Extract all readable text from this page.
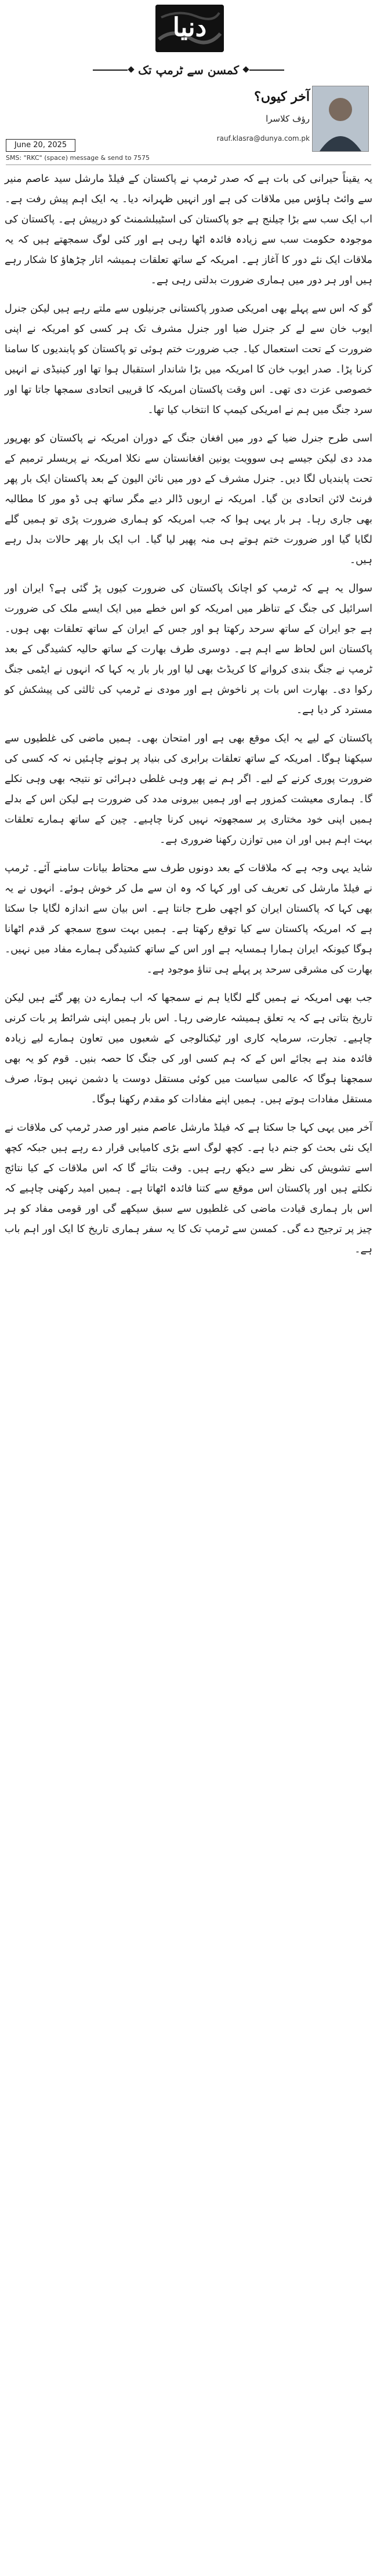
دنیا
کمسن سے ٹرمپ تک
آخر کیوں؟
رؤف کلاسرا
rauf.klasra@dunya.com.pk
June 20, 2025
SMS: "RKC" (space) message & send to 7575

یہ یقیناً حیرانی کی بات ہے کہ صدر ٹرمپ نے پاکستان کے فیلڈ مارشل سید عاصم منیر سے وائٹ ہاؤس میں ملاقات کی ہے اور انہیں ظہرانہ دیا۔ یہ ایک اہم پیش رفت ہے۔ اب ایک سب سے بڑا چیلنج ہے جو پاکستان کی اسٹیبلشمنٹ کو درپیش ہے۔ پاکستان کی موجودہ حکومت سب سے زیادہ فائدہ اٹھا رہی ہے اور کئی لوگ سمجھتے ہیں کہ یہ ملاقات ایک نئے دور کا آغاز ہے۔ امریکہ کے ساتھ تعلقات ہمیشہ اتار چڑھاؤ کا شکار رہے ہیں اور ہر دور میں ہماری ضرورت بدلتی رہی ہے۔

گو کہ اس سے پہلے بھی امریکی صدور پاکستانی جرنیلوں سے ملتے رہے ہیں لیکن جنرل ایوب خان سے لے کر جنرل ضیا اور جنرل مشرف تک ہر کسی کو امریکہ نے اپنی ضرورت کے تحت استعمال کیا۔ جب ضرورت ختم ہوئی تو پاکستان کو پابندیوں کا سامنا کرنا پڑا۔ صدر ایوب خان کا امریکہ میں بڑا شاندار استقبال ہوا تھا اور کینیڈی نے انہیں خصوصی عزت دی تھی۔ اس وقت پاکستان امریکہ کا قریبی اتحادی سمجھا جاتا تھا اور سرد جنگ میں ہم نے امریکی کیمپ کا انتخاب کیا تھا۔

اسی طرح جنرل ضیا کے دور میں افغان جنگ کے دوران امریکہ نے پاکستان کو بھرپور مدد دی لیکن جیسے ہی سوویت یونین افغانستان سے نکلا امریکہ نے پریسلر ترمیم کے تحت پابندیاں لگا دیں۔ جنرل مشرف کے دور میں نائن الیون کے بعد پاکستان ایک بار پھر فرنٹ لائن اتحادی بن گیا۔ امریکہ نے اربوں ڈالر دیے مگر ساتھ ہی ڈو مور کا مطالبہ بھی جاری رہا۔ ہر بار یہی ہوا کہ جب امریکہ کو ہماری ضرورت پڑی تو ہمیں گلے لگایا گیا اور ضرورت ختم ہوتے ہی منہ پھیر لیا گیا۔ اب ایک بار پھر حالات بدل رہے ہیں۔

سوال یہ ہے کہ ٹرمپ کو اچانک پاکستان کی ضرورت کیوں پڑ گئی ہے؟ ایران اور اسرائیل کی جنگ کے تناظر میں امریکہ کو اس خطے میں ایک ایسے ملک کی ضرورت ہے جو ایران کے ساتھ سرحد رکھتا ہو اور جس کے ایران کے ساتھ تعلقات بھی ہوں۔ پاکستان اس لحاظ سے اہم ہے۔ دوسری طرف بھارت کے ساتھ حالیہ کشیدگی کے بعد ٹرمپ نے جنگ بندی کروانے کا کریڈٹ بھی لیا اور بار بار یہ کہا کہ انہوں نے ایٹمی جنگ رکوا دی۔ بھارت اس بات پر ناخوش ہے اور مودی نے ٹرمپ کی ثالثی کی پیشکش کو مسترد کر دیا ہے۔

پاکستان کے لیے یہ ایک موقع بھی ہے اور امتحان بھی۔ ہمیں ماضی کی غلطیوں سے سیکھنا ہوگا۔ امریکہ کے ساتھ تعلقات برابری کی بنیاد پر ہونے چاہئیں نہ کہ کسی کی ضرورت پوری کرنے کے لیے۔ اگر ہم نے پھر وہی غلطی دہرائی تو نتیجہ بھی وہی نکلے گا۔ ہماری معیشت کمزور ہے اور ہمیں بیرونی مدد کی ضرورت ہے لیکن اس کے بدلے ہمیں اپنی خود مختاری پر سمجھوتہ نہیں کرنا چاہیے۔ چین کے ساتھ ہمارے تعلقات بہت اہم ہیں اور ان میں توازن رکھنا ضروری ہے۔

شاید یہی وجہ ہے کہ ملاقات کے بعد دونوں طرف سے محتاط بیانات سامنے آئے۔ ٹرمپ نے فیلڈ مارشل کی تعریف کی اور کہا کہ وہ ان سے مل کر خوش ہوئے۔ انہوں نے یہ بھی کہا کہ پاکستان ایران کو اچھی طرح جانتا ہے۔ اس بیان سے اندازہ لگایا جا سکتا ہے کہ امریکہ پاکستان سے کیا توقع رکھتا ہے۔ ہمیں بہت سوچ سمجھ کر قدم اٹھانا ہوگا کیونکہ ایران ہمارا ہمسایہ ہے اور اس کے ساتھ کشیدگی ہمارے مفاد میں نہیں۔ بھارت کی مشرقی سرحد پر پہلے ہی تناؤ موجود ہے۔

جب بھی امریکہ نے ہمیں گلے لگایا ہم نے سمجھا کہ اب ہمارے دن پھر گئے ہیں لیکن تاریخ بتاتی ہے کہ یہ تعلق ہمیشہ عارضی رہا۔ اس بار ہمیں اپنی شرائط پر بات کرنی چاہیے۔ تجارت، سرمایہ کاری اور ٹیکنالوجی کے شعبوں میں تعاون ہمارے لیے زیادہ فائدہ مند ہے بجائے اس کے کہ ہم کسی اور کی جنگ کا حصہ بنیں۔ قوم کو یہ بھی سمجھنا ہوگا کہ عالمی سیاست میں کوئی مستقل دوست یا دشمن نہیں ہوتا، صرف مستقل مفادات ہوتے ہیں۔ ہمیں اپنے مفادات کو مقدم رکھنا ہوگا۔

آخر میں یہی کہا جا سکتا ہے کہ فیلڈ مارشل عاصم منیر اور صدر ٹرمپ کی ملاقات نے ایک نئی بحث کو جنم دیا ہے۔ کچھ لوگ اسے بڑی کامیابی قرار دے رہے ہیں جبکہ کچھ اسے تشویش کی نظر سے دیکھ رہے ہیں۔ وقت بتائے گا کہ اس ملاقات کے کیا نتائج نکلتے ہیں اور پاکستان اس موقع سے کتنا فائدہ اٹھاتا ہے۔ ہمیں امید رکھنی چاہیے کہ اس بار ہماری قیادت ماضی کی غلطیوں سے سبق سیکھے گی اور قومی مفاد کو ہر چیز پر ترجیح دے گی۔ کمسن سے ٹرمپ تک کا یہ سفر ہماری تاریخ کا ایک اور اہم باب ہے۔
